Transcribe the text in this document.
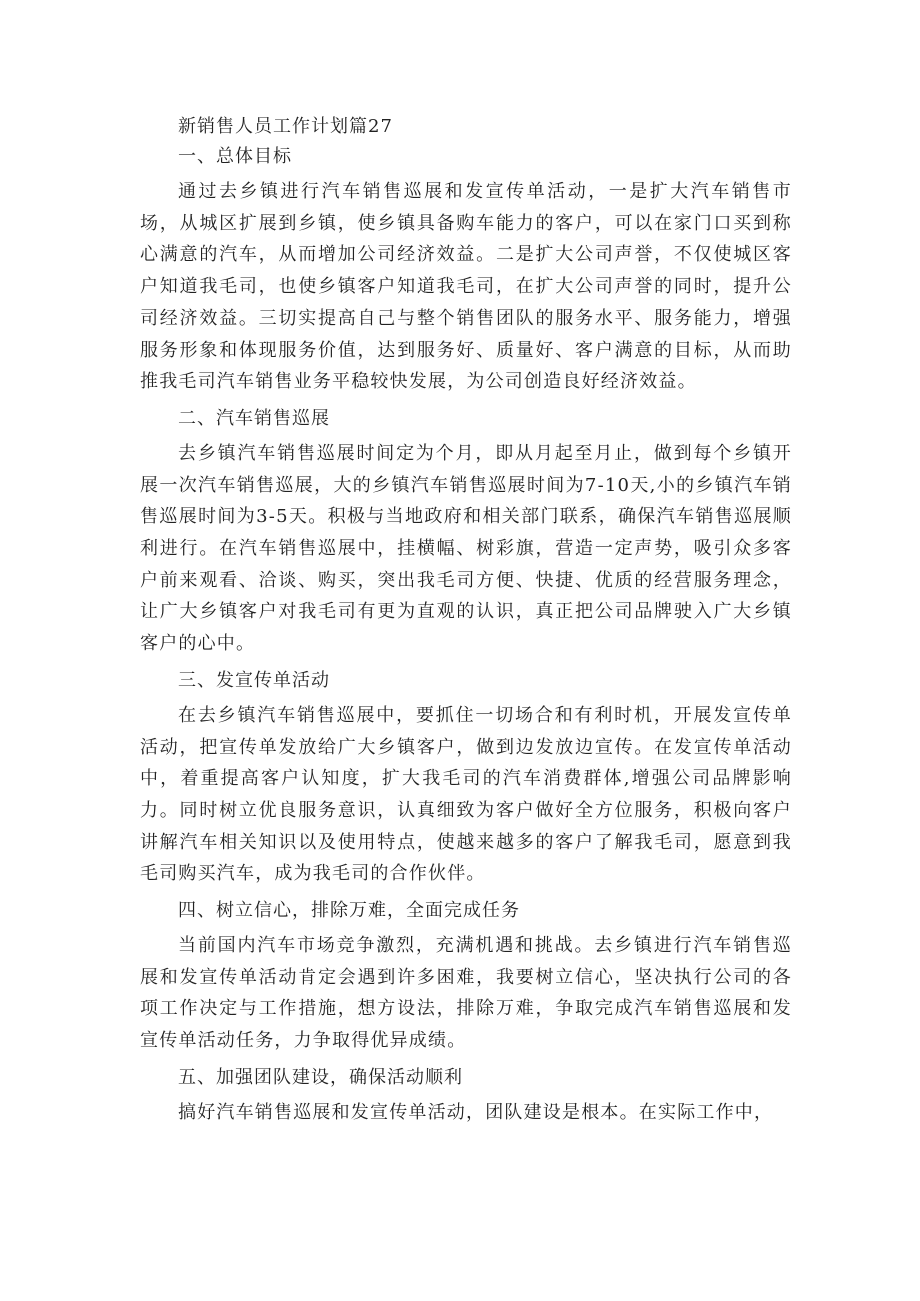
新销售人员工作计划篇27

一、总体目标

通过去乡镇进行汽车销售巡展和发宣传单活动，一是扩大汽车销售市场，从城区扩展到乡镇，使乡镇具备购车能力的客户，可以在家门口买到称心满意的汽车，从而增加公司经济效益。二是扩大公司声誉，不仅使城区客户知道我毛司，也使乡镇客户知道我毛司，在扩大公司声誉的同时，提升公司经济效益。三切实提高自己与整个销售团队的服务水平、服务能力，增强服务形象和体现服务价值，达到服务好、质量好、客户满意的目标，从而助推我毛司汽车销售业务平稳较快发展，为公司创造良好经济效益。

二、汽车销售巡展

去乡镇汽车销售巡展时间定为个月，即从月起至月止，做到每个乡镇开展一次汽车销售巡展，大的乡镇汽车销售巡展时间为7-10天,小的乡镇汽车销售巡展时间为3-5天。积极与当地政府和相关部门联系，确保汽车销售巡展顺利进行。在汽车销售巡展中，挂横幅、树彩旗，营造一定声势，吸引众多客户前来观看、洽谈、购买，突出我毛司方便、快捷、优质的经营服务理念，让广大乡镇客户对我毛司有更为直观的认识，真正把公司品牌驶入广大乡镇客户的心中。

三、发宣传单活动

在去乡镇汽车销售巡展中，要抓住一切场合和有利时机，开展发宣传单活动，把宣传单发放给广大乡镇客户，做到边发放边宣传。在发宣传单活动中，着重提高客户认知度，扩大我毛司的汽车消费群体,增强公司品牌影响力。同时树立优良服务意识，认真细致为客户做好全方位服务，积极向客户讲解汽车相关知识以及使用特点，使越来越多的客户了解我毛司，愿意到我毛司购买汽车，成为我毛司的合作伙伴。

四、树立信心，排除万难，全面完成任务

当前国内汽车市场竞争激烈，充满机遇和挑战。去乡镇进行汽车销售巡展和发宣传单活动肯定会遇到许多困难，我要树立信心，坚决执行公司的各项工作决定与工作措施，想方设法，排除万难，争取完成汽车销售巡展和发宣传单活动任务，力争取得优异成绩。

五、加强团队建设，确保活动顺利

搞好汽车销售巡展和发宣传单活动，团队建设是根本。在实际工作中，
